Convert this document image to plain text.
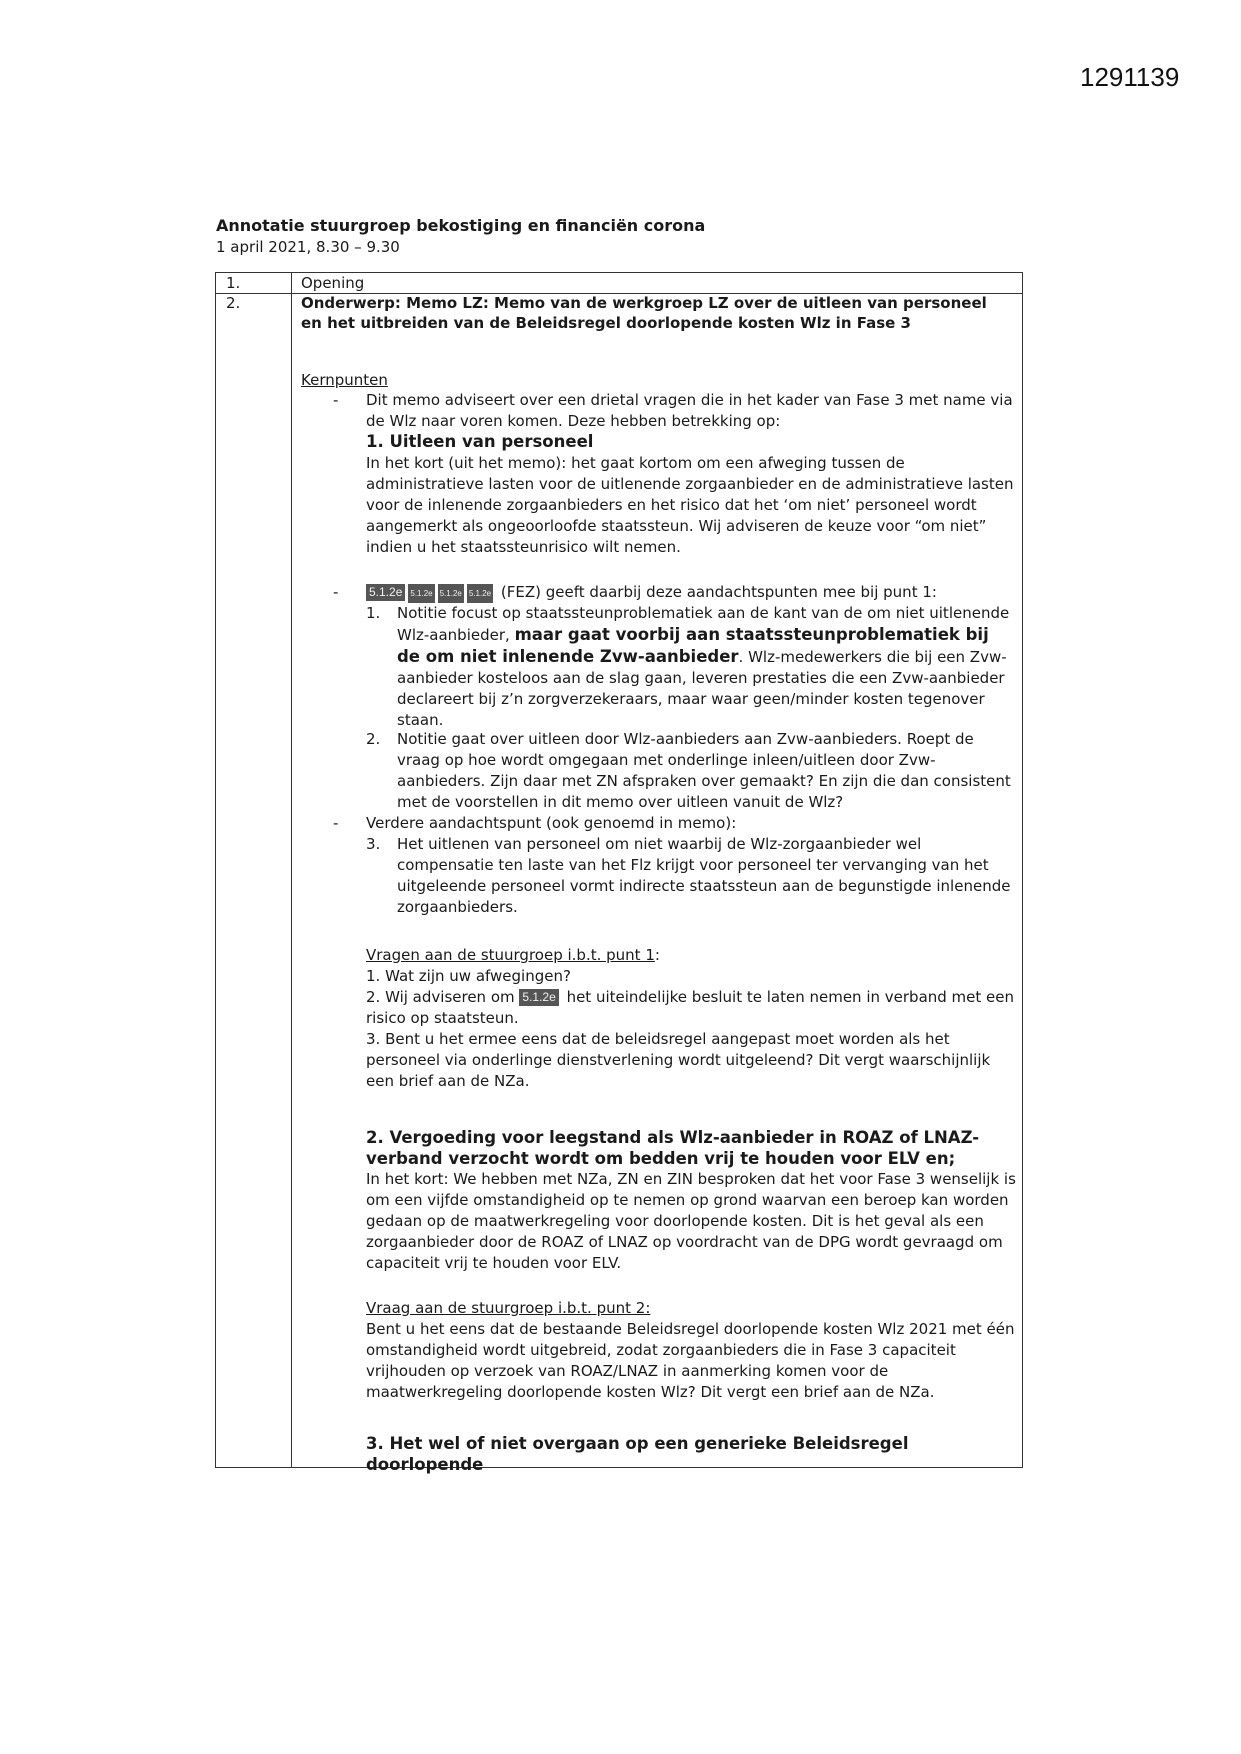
1291139
Annotatie stuurgroep bekostiging en financiën corona
1 april 2021, 8.30 – 9.30
1.	Opening
2.	Onderwerp: Memo LZ: Memo van de werkgroep LZ over de uitleen van personeel en het uitbreiden van de Beleidsregel doorlopende kosten Wlz in Fase 3
Kernpunten
- Dit memo adviseert over een drietal vragen die in het kader van Fase 3 met name via de Wlz naar voren komen. Deze hebben betrekking op:
1. Uitleen van personeel
In het kort (uit het memo): het gaat kortom om een afweging tussen de administratieve lasten voor de uitlenende zorgaanbieder en de administratieve lasten voor de inlenende zorgaanbieders en het risico dat het ‘om niet’ personeel wordt aangemerkt als ongeoorloofde staatssteun. Wij adviseren de keuze voor “om niet” indien u het staatssteunrisico wilt nemen.
-	5.1.2e 5.1.2e 5.1.2e 5.1.2e (FEZ) geeft daarbij deze aandachtspunten mee bij punt 1:
1. Notitie focust op staatssteunproblematiek aan de kant van de om niet uitlenende Wlz-aanbieder, maar gaat voorbij aan staatssteunproblematiek bij de om niet inlenende Zvw-aanbieder. Wlz-medewerkers die bij een Zvw-aanbieder kosteloos aan de slag gaan, leveren prestaties die een Zvw-aanbieder declareert bij z’n zorgverzekeraars, maar waar geen/minder kosten tegenover staan.
2. Notitie gaat over uitleen door Wlz-aanbieders aan Zvw-aanbieders. Roept de vraag op hoe wordt omgegaan met onderlinge inleen/uitleen door Zvw-aanbieders. Zijn daar met ZN afspraken over gemaakt? En zijn die dan consistent met de voorstellen in dit memo over uitleen vanuit de Wlz?
- Verdere aandachtspunt (ook genoemd in memo):
3. Het uitlenen van personeel om niet waarbij de Wlz-zorgaanbieder wel compensatie ten laste van het Flz krijgt voor personeel ter vervanging van het uitgeleende personeel vormt indirecte staatssteun aan de begunstigde inlenende zorgaanbieders.

Vragen aan de stuurgroep i.b.t. punt 1:

1. Wat zijn uw afwegingen?

2. Wij adviseren om 5.1.2e het uiteindelijke besluit te laten nemen in verband met een risico op staatsteun.

3. Bent u het ermee eens dat de beleidsregel aangepast moet worden als het personeel via onderlinge dienstverlening wordt uitgeleend? Dit vergt waarschijnlijk een brief aan de NZa.

2. Vergoeding voor leegstand als Wlz-aanbieder in ROAZ of LNAZ-verband verzocht wordt om bedden vrij te houden voor ELV en;
In het kort: We hebben met NZa, ZN en ZIN besproken dat het voor Fase 3 wenselijk is om een vijfde omstandigheid op te nemen op grond waarvan een beroep kan worden gedaan op de maatwerkregeling voor doorlopende kosten. Dit is het geval als een zorgaanbieder door de ROAZ of LNAZ op voordracht van de DPG wordt gevraagd om capaciteit vrij te houden voor ELV.
Vraag aan de stuurgroep i.b.t. punt 2:
Bent u het eens dat de bestaande Beleidsregel doorlopende kosten Wlz 2021 met één omstandigheid wordt uitgebreid, zodat zorgaanbieders die in Fase 3 capaciteit vrijhouden op verzoek van ROAZ/LNAZ in aanmerking komen voor de maatwerkregeling doorlopende kosten Wlz? Dit vergt een brief aan de NZa.
3. Het wel of niet overgaan op een generieke Beleidsregel doorlopende
